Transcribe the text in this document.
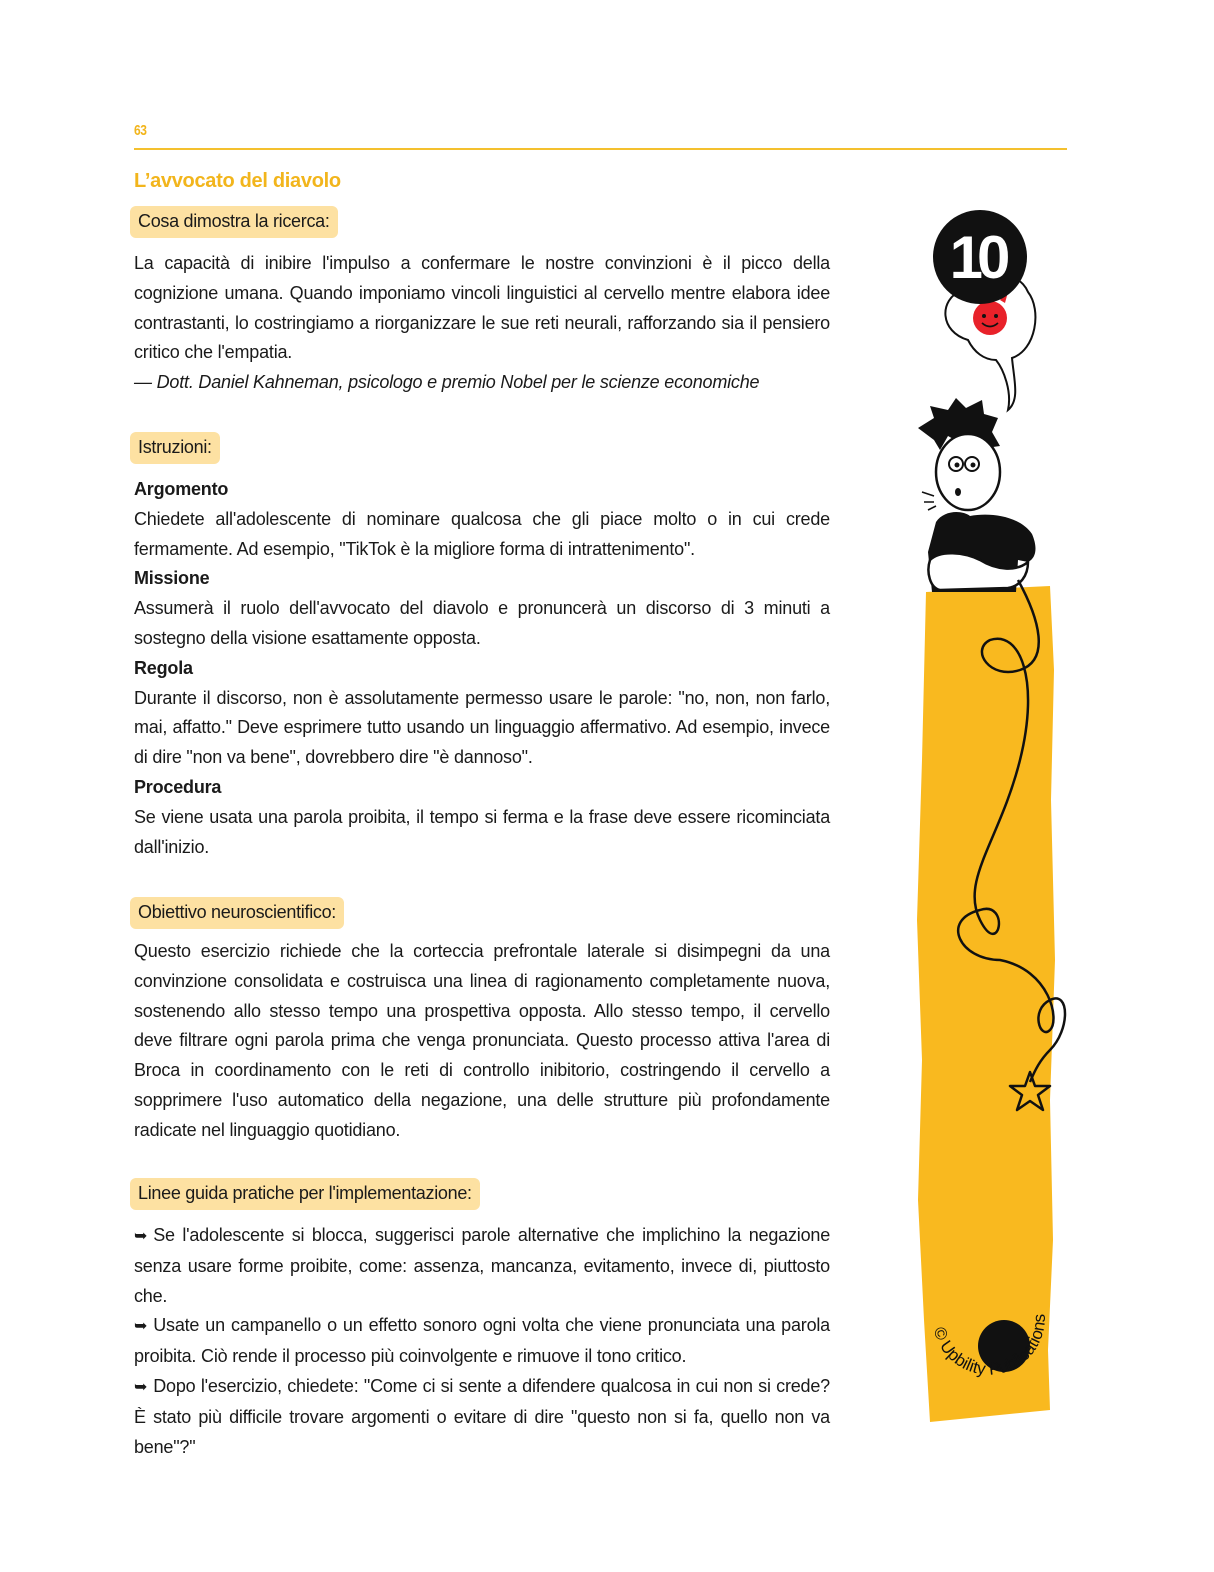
63
L’avvocato del diavolo
Cosa dimostra la ricerca:

La capacità di inibire l'impulso a confermare le nostre convinzioni è il picco della cognizione umana. Quando imponiamo vincoli linguistici al cervello mentre elabora idee contrastanti, lo costringiamo a riorganizzare le sue reti neurali, rafforzando sia il pensiero critico che l'empatia.

— Dott. Daniel Kahneman, psicologo e premio Nobel per le scienze economiche

Istruzioni:

Argomento

Chiedete all'adolescente di nominare qualcosa che gli piace molto o in cui crede fermamente. Ad esempio, "TikTok è la migliore forma di intrattenimento".

Missione

Assumerà il ruolo dell'avvocato del diavolo e pronuncerà un discorso di 3 minuti a sostegno della visione esattamente opposta.

Regola

Durante il discorso, non è assolutamente permesso usare le parole: "no, non, non farlo, mai, affatto." Deve esprimere tutto usando un linguaggio affermativo. Ad esempio, invece di dire "non va bene", dovrebbero dire "è dannoso".

Procedura

Se viene usata una parola proibita, il tempo si ferma e la frase deve essere ricominciata dall'inizio.

Obiettivo neuroscientifico:

Questo esercizio richiede che la corteccia prefrontale laterale si disimpegni da una convinzione consolidata e costruisca una linea di ragionamento completamente nuova, sostenendo allo stesso tempo una prospettiva opposta. Allo stesso tempo, il cervello deve filtrare ogni parola prima che venga pronunciata. Questo processo attiva l'area di Broca in coordinamento con le reti di controllo inibitorio, costringendo il cervello a sopprimere l'uso automatico della negazione, una delle strutture più profondamente radicate nel linguaggio quotidiano.

Linee guida pratiche per l'implementazione:

➥ Se l'adolescente si blocca, suggerisci parole alternative che implichino la negazione senza usare forme proibite, come: assenza, mancanza, evitamento, invece di, piuttosto che.

➥ Usate un campanello o un effetto sonoro ogni volta che viene pronunciata una parola proibita. Ciò rende il processo più coinvolgente e rimuove il tono critico.

➥ Dopo l'esercizio, chiedete: "Come ci si sente a difendere qualcosa in cui non si crede? È stato più difficile trovare argomenti o evitare di dire "questo non si fa, quello non va bene"?"

10
© Upbility Publications
